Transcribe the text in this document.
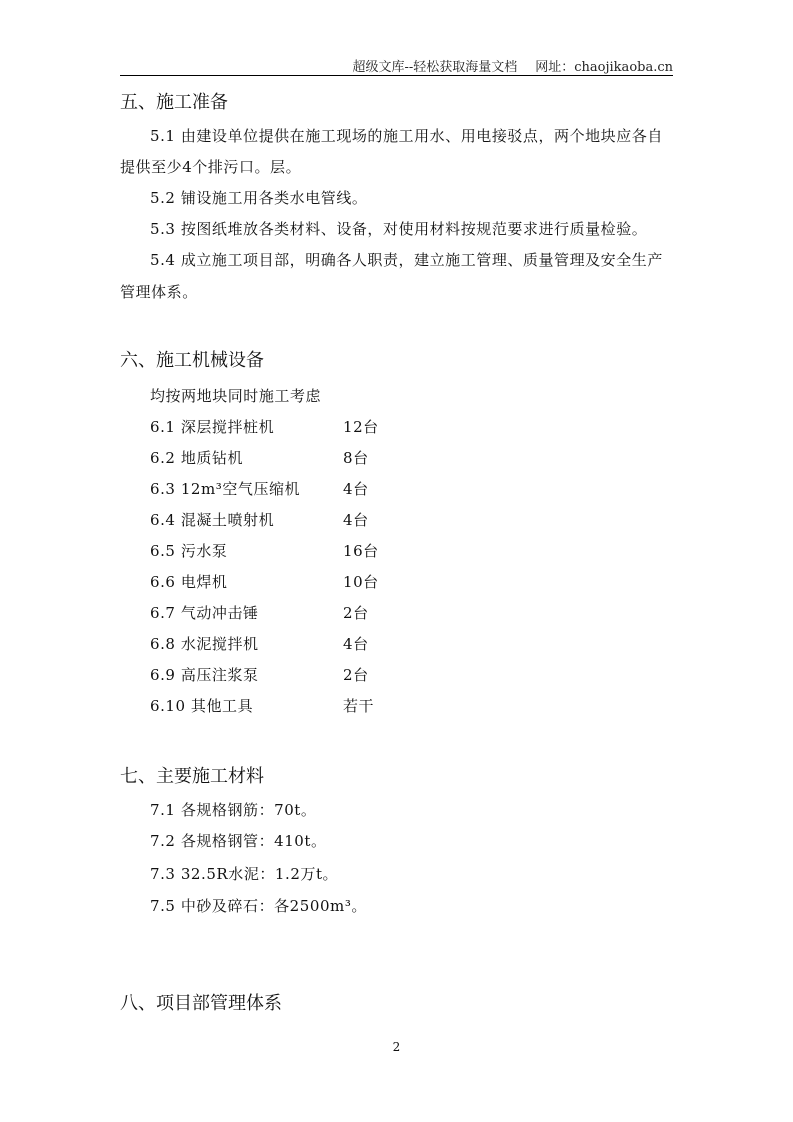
超级文库--轻松获取海量文档 网址：chaojikaoba.cn
五、施工准备
5.1 由建设单位提供在施工现场的施工用水、用电接驳点，两个地块应各自
提供至少4个排污口。层。
5.2 铺设施工用各类水电管线。
5.3 按图纸堆放各类材料、设备，对使用材料按规范要求进行质量检验。
5.4 成立施工项目部，明确各人职责，建立施工管理、质量管理及安全生产
管理体系。
六、施工机械设备
均按两地块同时施工考虑
6.1 深层搅拌桩机	12台
6.2 地质钻机	8台
6.3 12m³空气压缩机	4台
6.4 混凝土喷射机	4台
6.5 污水泵	16台
6.6 电焊机	10台
6.7 气动冲击锤	2台
6.8 水泥搅拌机	4台
6.9 高压注浆泵	2台
6.10 其他工具	若干
七、主要施工材料
7.1 各规格钢筋：70t。
7.2 各规格钢管：410t。
7.3 32.5R水泥：1.2万t。
7.5 中砂及碎石：各2500m³。
八、项目部管理体系
2
